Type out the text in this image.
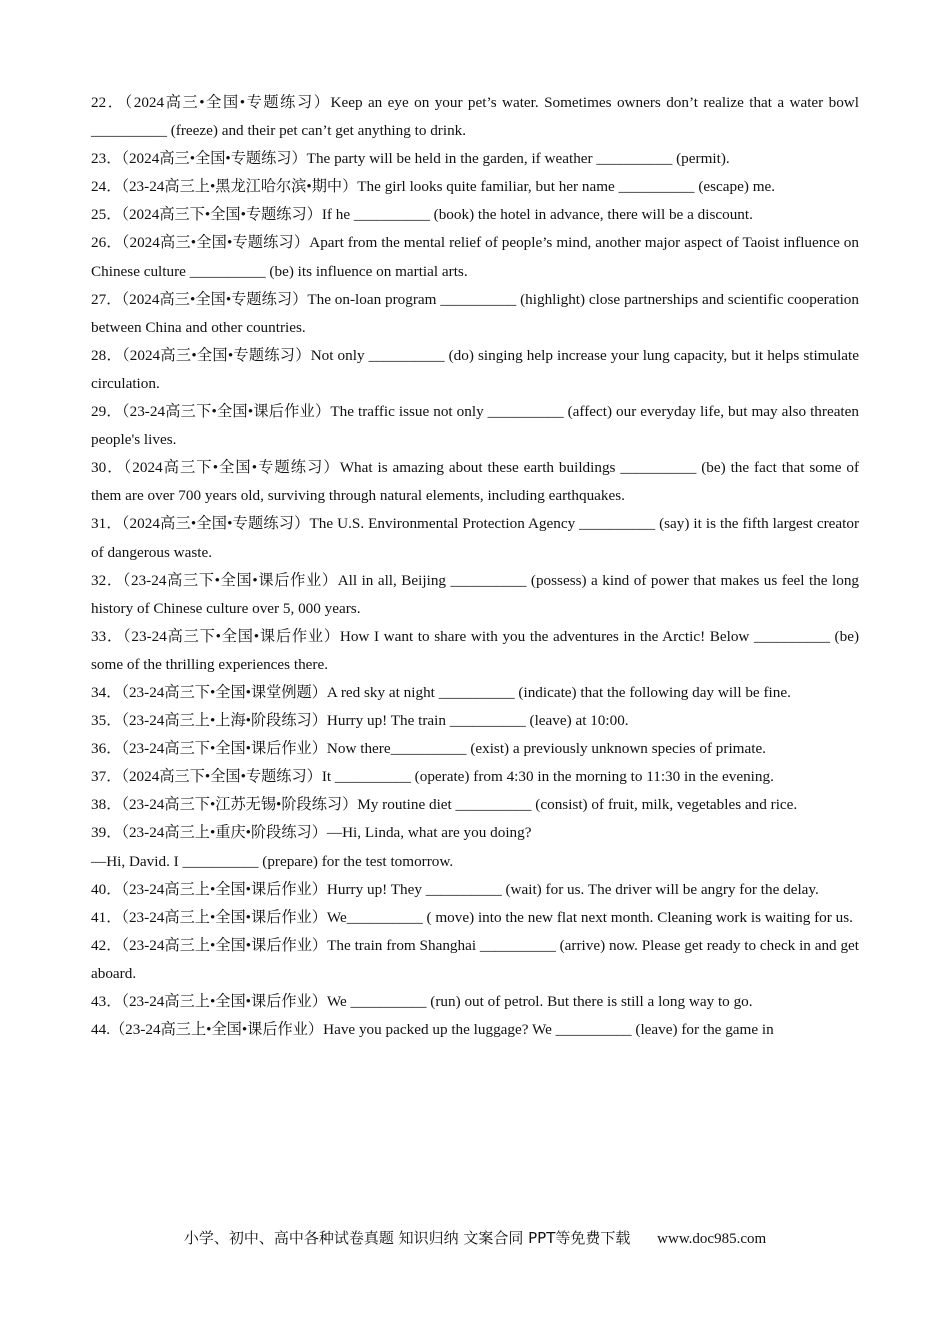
22．（2024高三•全国•专题练习）Keep an eye on your pet’s water. Sometimes owners don’t realize that a water bowl __________ (freeze) and their pet can’t get anything to drink.

23．（2024高三•全国•专题练习）The party will be held in the garden, if weather __________ (permit).

24．（23-24高三上•黑龙江哈尔滨•期中）The girl looks quite familiar, but her name __________ (escape) me.

25．（2024高三下•全国•专题练习）If he __________ (book) the hotel in advance, there will be a discount.

26．（2024高三•全国•专题练习）Apart from the mental relief of people’s mind, another major aspect of Taoist influence on Chinese culture __________ (be) its influence on martial arts.

27．（2024高三•全国•专题练习）The on-loan program __________ (highlight) close partnerships and scientific cooperation between China and other countries.

28．（2024高三•全国•专题练习）Not only __________ (do) singing help increase your lung capacity, but it helps stimulate circulation.

29．（23-24高三下•全国•课后作业）The traffic issue not only __________ (affect) our everyday life, but may also threaten people's lives.

30．（2024高三下•全国•专题练习）What is amazing about these earth buildings __________ (be) the fact that some of them are over 700 years old, surviving through natural elements, including earthquakes.

31．（2024高三•全国•专题练习）The U.S. Environmental Protection Agency __________ (say) it is the fifth largest creator of dangerous waste.

32．（23-24高三下•全国•课后作业）All in all, Beijing __________ (possess) a kind of power that makes us feel the long history of Chinese culture over 5, 000 years.

33．（23-24高三下•全国•课后作业）How I want to share with you the adventures in the Arctic! Below __________ (be) some of the thrilling experiences there.

34．（23-24高三下•全国•课堂例题）A red sky at night __________ (indicate) that the following day will be fine.

35．（23-24高三上•上海•阶段练习）Hurry up! The train __________ (leave) at 10:00.

36．（23-24高三下•全国•课后作业）Now there__________ (exist) a previously unknown species of primate.

37．（2024高三下•全国•专题练习）It __________ (operate) from 4:30 in the morning to 11:30 in the evening.

38．（23-24高三下•江苏无锡•阶段练习）My routine diet __________ (consist) of fruit, milk, vegetables and rice.

39．（23-24高三上•重庆•阶段练习）—Hi, Linda, what are you doing?

—Hi, David. I __________ (prepare) for the test tomorrow.

40．（23-24高三上•全国•课后作业）Hurry up! They __________ (wait) for us. The driver will be angry for the delay.

41．（23-24高三上•全国•课后作业）We__________ ( move) into the new flat next month. Cleaning work is waiting for us.

42．（23-24高三上•全国•课后作业）The train from Shanghai __________ (arrive) now. Please get ready to check in and get aboard.

43．（23-24高三上•全国•课后作业）We __________ (run) out of petrol. But there is still a long way to go.

44.（23-24高三上•全国•课后作业）Have you packed up the luggage? We __________ (leave) for the game in

小学、初中、高中各种试卷真题 知识归纳 文案合同 PPT等免费下载 www.doc985.com
